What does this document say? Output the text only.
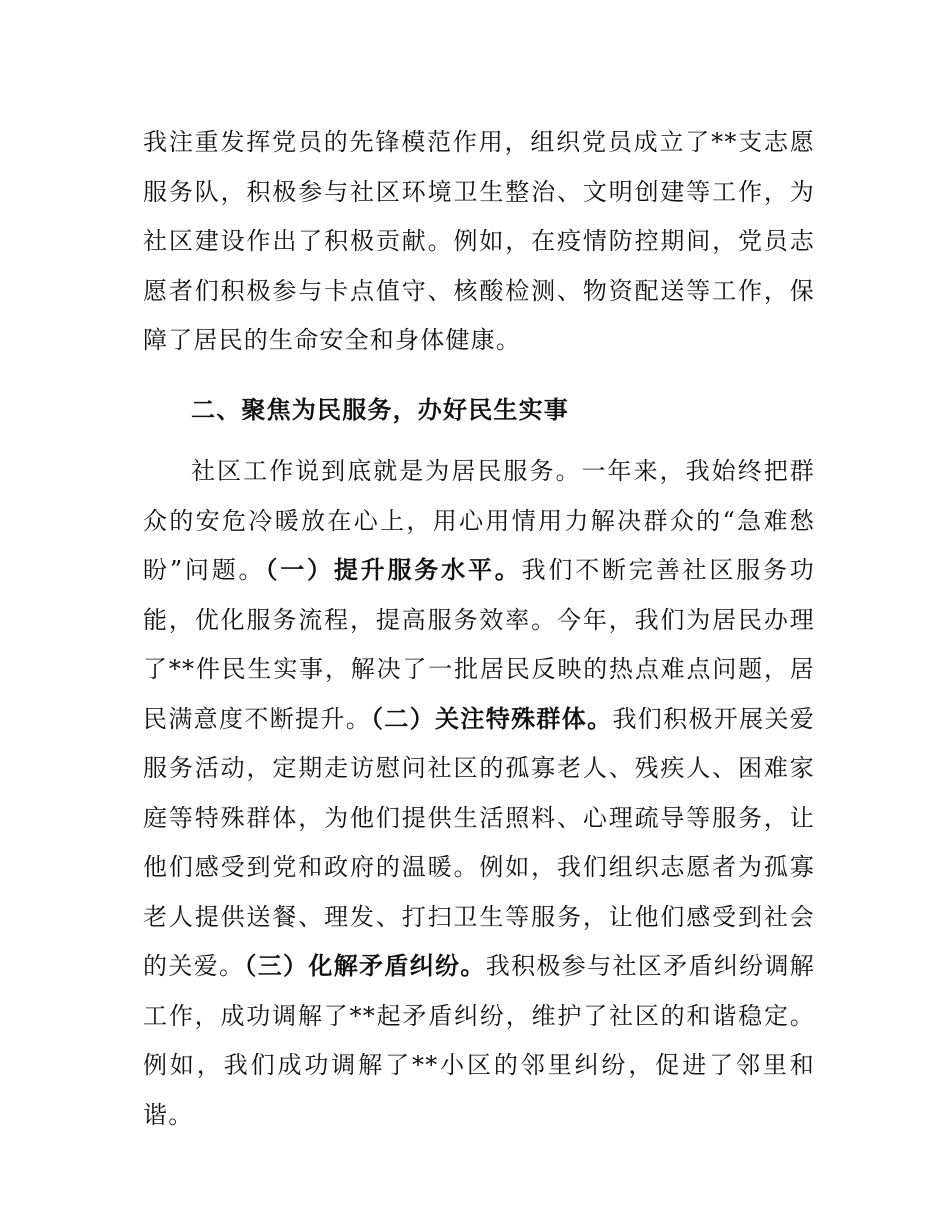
我注重发挥党员的先锋模范作用，组织党员成立了**支志愿服务队，积极参与社区环境卫生整治、文明创建等工作，为社区建设作出了积极贡献。例如，在疫情防控期间，党员志愿者们积极参与卡点值守、核酸检测、物资配送等工作，保障了居民的生命安全和身体健康。

二、聚焦为民服务，办好民生实事

社区工作说到底就是为居民服务。一年来，我始终把群众的安危冷暖放在心上，用心用情用力解决群众的“急难愁盼”问题。（一）提升服务水平。我们不断完善社区服务功能，优化服务流程，提高服务效率。今年，我们为居民办理了**件民生实事，解决了一批居民反映的热点难点问题，居民满意度不断提升。（二）关注特殊群体。我们积极开展关爱服务活动，定期走访慰问社区的孤寡老人、残疾人、困难家庭等特殊群体，为他们提供生活照料、心理疏导等服务，让他们感受到党和政府的温暖。例如，我们组织志愿者为孤寡老人提供送餐、理发、打扫卫生等服务，让他们感受到社会的关爱。（三）化解矛盾纠纷。我积极参与社区矛盾纠纷调解工作，成功调解了**起矛盾纠纷，维护了社区的和谐稳定。例如，我们成功调解了**小区的邻里纠纷，促进了邻里和谐。
